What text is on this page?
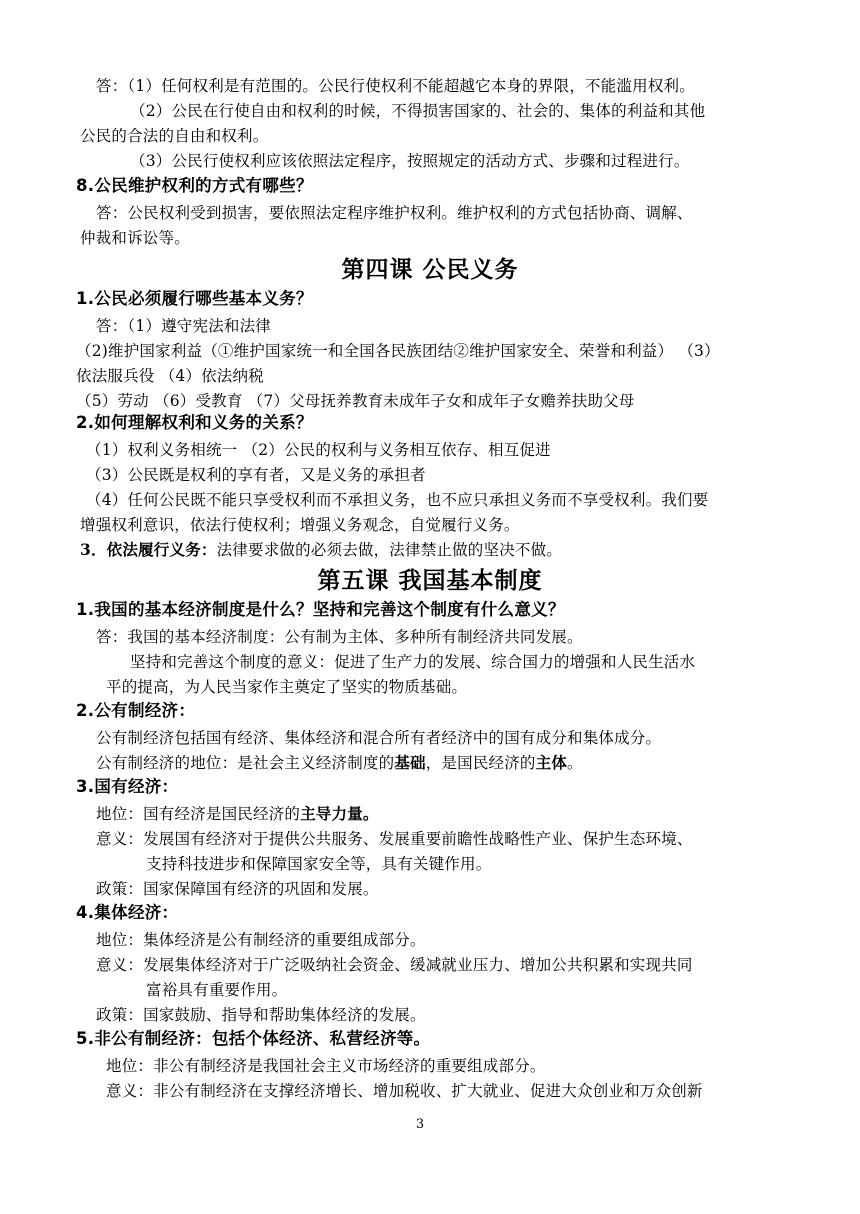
答：（1）任何权利是有范围的。公民行使权利不能超越它本身的界限，不能滥用权利。
（2）公民在行使自由和权利的时候，不得损害国家的、社会的、集体的利益和其他
公民的合法的自由和权利。
（3）公民行使权利应该依照法定程序，按照规定的活动方式、步骤和过程进行。
8.公民维护权利的方式有哪些？
答：公民权利受到损害，要依照法定程序维护权利。维护权利的方式包括协商、调解、
仲裁和诉讼等。
第四课 公民义务
1.公民必须履行哪些基本义务？
答：（1）遵守宪法和法律
（2)维护国家利益（①维护国家统一和全国各民族团结②维护国家安全、荣誉和利益） （3）
依法服兵役 （4）依法纳税
（5）劳动 （6）受教育 （7）父母抚养教育未成年子女和成年子女赡养扶助父母
2.如何理解权利和义务的关系？
（1）权利义务相统一 （2）公民的权利与义务相互依存、相互促进
（3）公民既是权利的享有者，又是义务的承担者
（4）任何公民既不能只享受权利而不承担义务，也不应只承担义务而不享受权利。我们要
增强权利意识，依法行使权利；增强义务观念，自觉履行义务。
3．依法履行义务：法律要求做的必须去做，法律禁止做的坚决不做。
第五课 我国基本制度
1.我国的基本经济制度是什么？坚持和完善这个制度有什么意义？
答：我国的基本经济制度：公有制为主体、多种所有制经济共同发展。
坚持和完善这个制度的意义：促进了生产力的发展、综合国力的增强和人民生活水
平的提高，为人民当家作主奠定了坚实的物质基础。
2.公有制经济：
公有制经济包括国有经济、集体经济和混合所有者经济中的国有成分和集体成分。
公有制经济的地位：是社会主义经济制度的基础，是国民经济的主体。
3.国有经济：
地位：国有经济是国民经济的主导力量。
意义：发展国有经济对于提供公共服务、发展重要前瞻性战略性产业、保护生态环境、
支持科技进步和保障国家安全等，具有关键作用。
政策：国家保障国有经济的巩固和发展。
4.集体经济：
地位：集体经济是公有制经济的重要组成部分。
意义：发展集体经济对于广泛吸纳社会资金、缓减就业压力、增加公共积累和实现共同
富裕具有重要作用。
政策：国家鼓励、指导和帮助集体经济的发展。
5.非公有制经济：包括个体经济、私营经济等。
地位：非公有制经济是我国社会主义市场经济的重要组成部分。
意义：非公有制经济在支撑经济增长、增加税收、扩大就业、促进大众创业和万众创新
3
